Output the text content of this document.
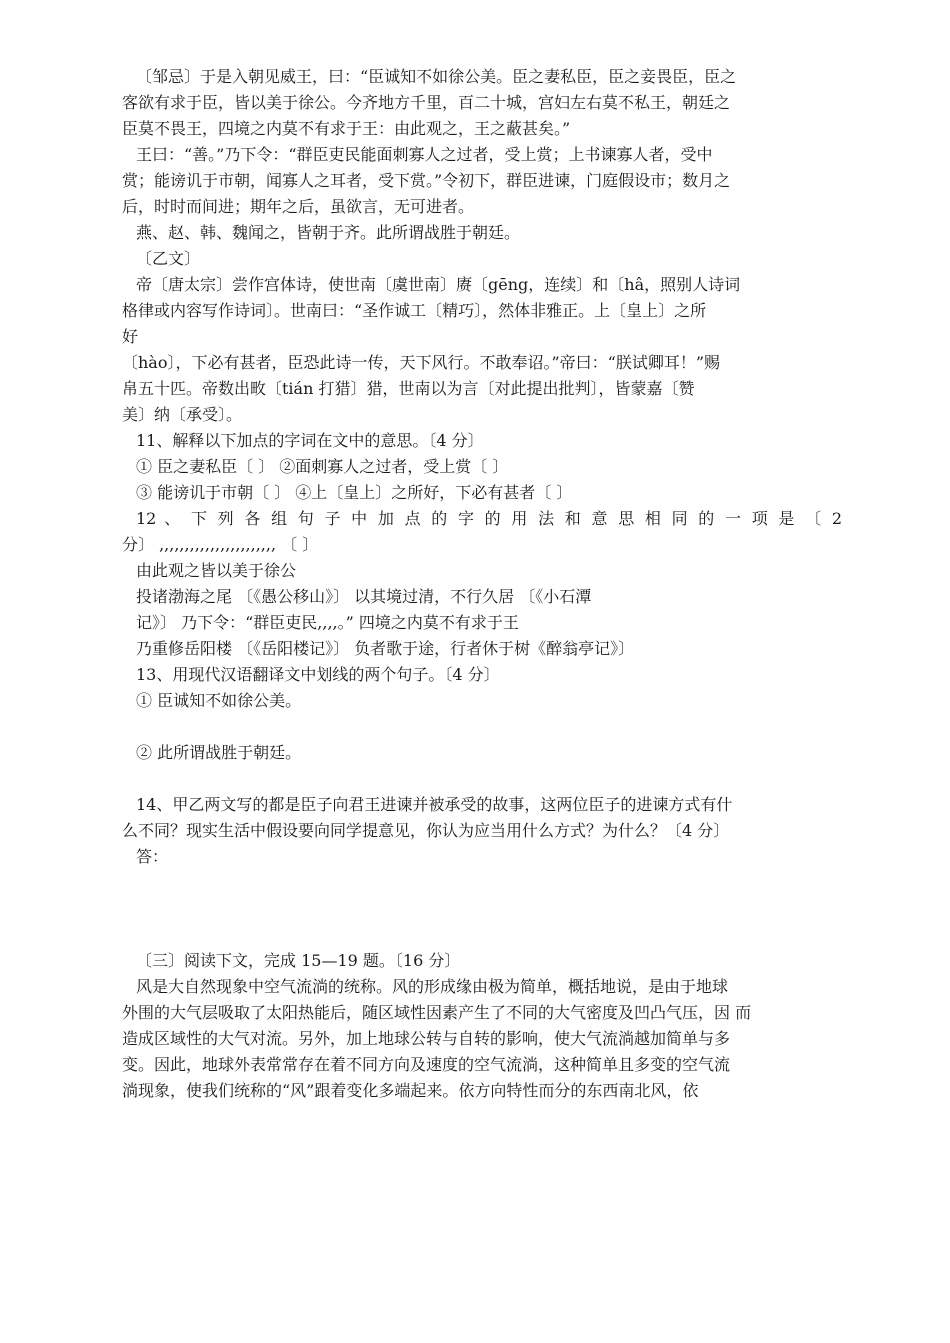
〔邹忌〕于是入朝见威王，曰：“臣诚知不如徐公美。臣之妻私臣，臣之妾畏臣，臣之
客欲有求于臣，皆以美于徐公。今齐地方千里，百二十城，宫妇左右莫不私王，朝廷之
臣莫不畏王，四境之内莫不有求于王：由此观之，王之蔽甚矣。”
王曰：“善。”乃下令：“群臣吏民能面刺寡人之过者，受上赏；上书谏寡人者，受中
赏；能谤讥于市朝，闻寡人之耳者，受下赏。”令初下，群臣进谏，门庭假设市；数月之
后，时时而间进；期年之后，虽欲言，无可进者。
燕、赵、韩、魏闻之，皆朝于齐。此所谓战胜于朝廷。
〔乙文〕
帝〔唐太宗〕尝作宫体诗，使世南〔虞世南〕赓〔gēng，连续〕和〔hâ，照别人诗词
格律或内容写作诗词〕。世南曰：“圣作诚工〔精巧〕，然体非雅正。上〔皇上〕之所
好
〔hào〕，下必有甚者，臣恐此诗一传，天下风行。不敢奉诏。”帝曰：“朕试卿耳！”赐
帛五十匹。帝数出畋〔tián 打猎〕猎，世南以为言〔对此提出批判〕，皆蒙嘉〔赞
美〕纳〔承受〕。
11、解释以下加点的字词在文中的意思。〔4 分〕
① 臣之妻私臣〔 〕 ②面刺寡人之过者，受上赏〔 〕
③ 能谤讥于市朝〔 〕 ④上〔皇上〕之所好，下必有甚者〔 〕
12 、 下 列 各 组 句 子 中 加 点 的 字 的 用 法 和 意 思 相 同 的 一 项 是 〔 2
分〕 ,,,,,,,,,,,,,,,,,,,,,,, 〔 〕
由此观之皆以美于徐公
投诸渤海之尾 〔《愚公移山》〕 以其境过清，不行久居 〔《小石潭
记》〕 乃下令：“群臣吏民,,,,。” 四境之内莫不有求于王
乃重修岳阳楼 〔《岳阳楼记》〕 负者歌于途，行者休于树《醉翁亭记》〕
13、用现代汉语翻译文中划线的两个句子。〔4 分〕
① 臣诚知不如徐公美。
② 此所谓战胜于朝廷。
14、甲乙两文写的都是臣子向君王进谏并被承受的故事，这两位臣子的进谏方式有什
么不同？现实生活中假设要向同学提意见，你认为应当用什么方式？为什么？〔4 分〕
答：
〔三〕阅读下文，完成 15—19 题。〔16 分〕
风是大自然现象中空气流淌的统称。风的形成缘由极为简单，概括地说，是由于地球
外围的大气层吸取了太阳热能后，随区域性因素产生了不同的大气密度及凹凸气压，因 而
造成区域性的大气对流。另外，加上地球公转与自转的影响，使大气流淌越加简单与多
变。因此，地球外表常常存在着不同方向及速度的空气流淌，这种简单且多变的空气流
淌现象，使我们统称的“风”跟着变化多端起来。依方向特性而分的东西南北风，依
